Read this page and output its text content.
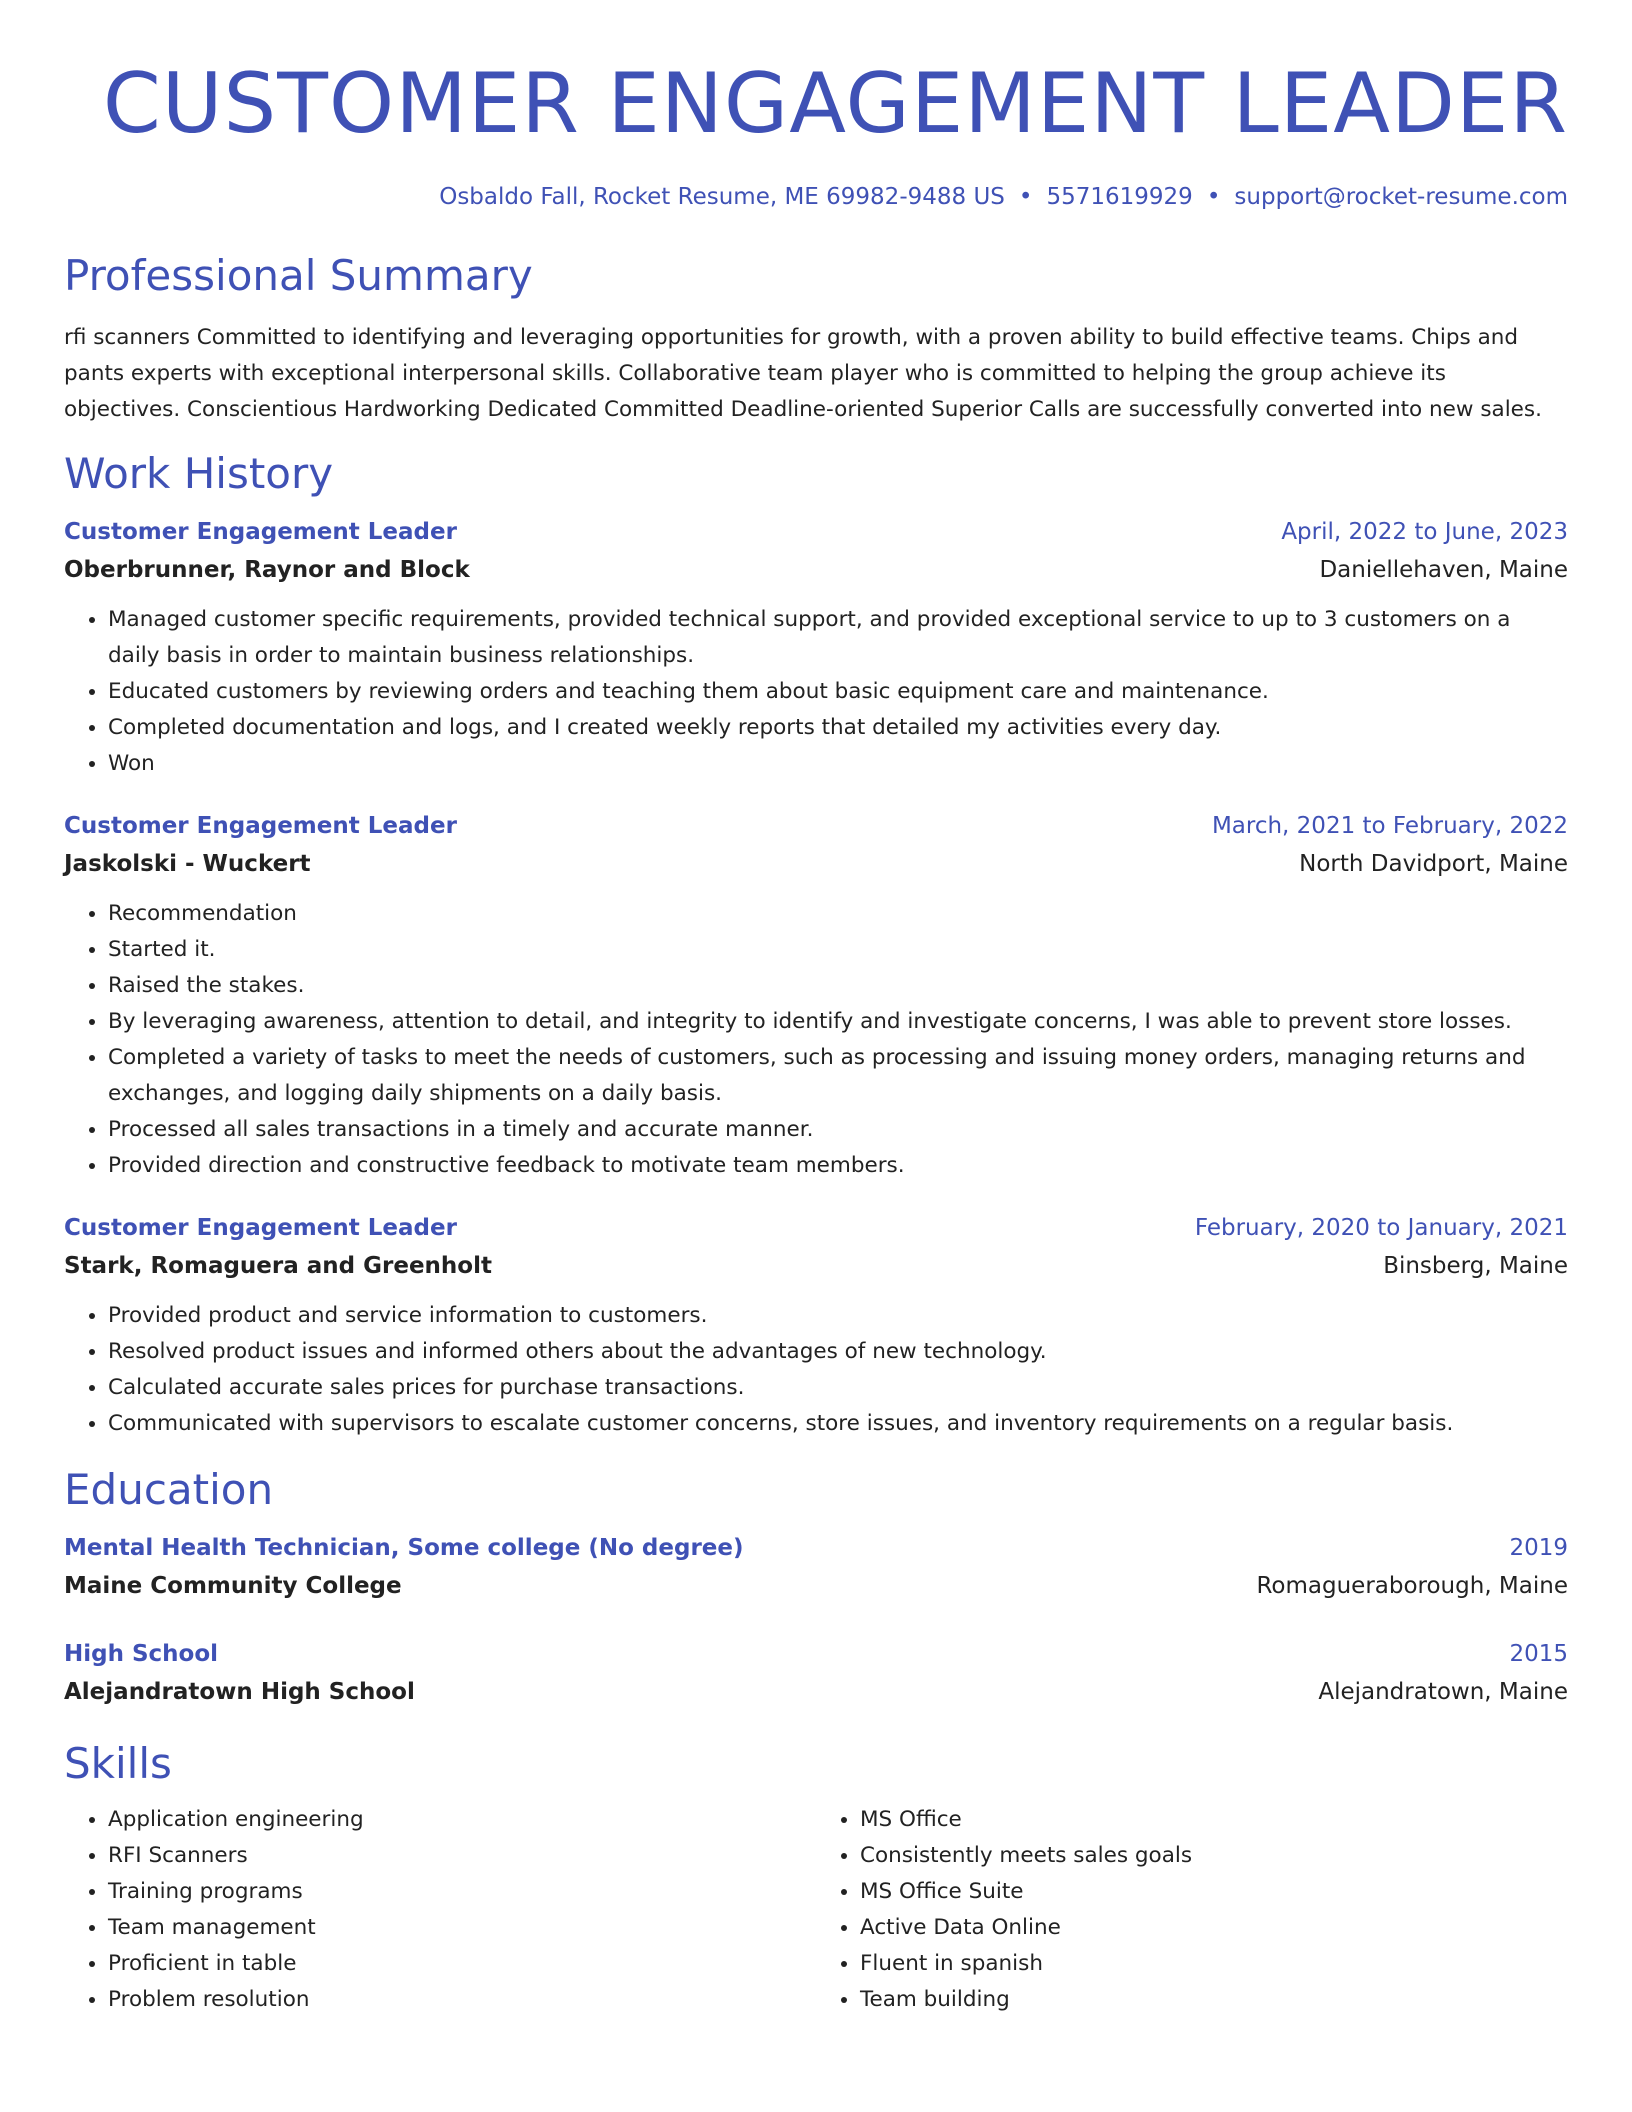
CUSTOMER ENGAGEMENT LEADER
Osbaldo Fall, Rocket Resume, ME 69982-9488 US • 5571619929 • support@rocket-resume.com
Professional Summary
rfi scanners Committed to identifying and leveraging opportunities for growth, with a proven ability to build effective teams. Chips and pants experts with exceptional interpersonal skills. Collaborative team player who is committed to helping the group achieve its objectives. Conscientious Hardworking Dedicated Committed Deadline-oriented Superior Calls are successfully converted into new sales.
Work History
Customer Engagement Leader	April, 2022 to June, 2023
Oberbrunner, Raynor and Block	Daniellehaven, Maine
• Managed customer specific requirements, provided technical support, and provided exceptional service to up to 3 customers on a daily basis in order to maintain business relationships.
• Educated customers by reviewing orders and teaching them about basic equipment care and maintenance.
• Completed documentation and logs, and I created weekly reports that detailed my activities every day.
• Won
Customer Engagement Leader	March, 2021 to February, 2022
Jaskolski - Wuckert	North Davidport, Maine
• Recommendation
• Started it.
• Raised the stakes.
• By leveraging awareness, attention to detail, and integrity to identify and investigate concerns, I was able to prevent store losses.
• Completed a variety of tasks to meet the needs of customers, such as processing and issuing money orders, managing returns and exchanges, and logging daily shipments on a daily basis.
• Processed all sales transactions in a timely and accurate manner.
• Provided direction and constructive feedback to motivate team members.
Customer Engagement Leader	February, 2020 to January, 2021
Stark, Romaguera and Greenholt	Binsberg, Maine
• Provided product and service information to customers.
• Resolved product issues and informed others about the advantages of new technology.
• Calculated accurate sales prices for purchase transactions.
• Communicated with supervisors to escalate customer concerns, store issues, and inventory requirements on a regular basis.
Education
Mental Health Technician, Some college (No degree)	2019
Maine Community College	Romagueraborough, Maine
High School	2015
Alejandratown High School	Alejandratown, Maine
Skills
• Application engineering
• RFI Scanners
• Training programs
• Team management
• Proficient in table
• Problem resolution
• MS Office
• Consistently meets sales goals
• MS Office Suite
• Active Data Online
• Fluent in spanish
• Team building
